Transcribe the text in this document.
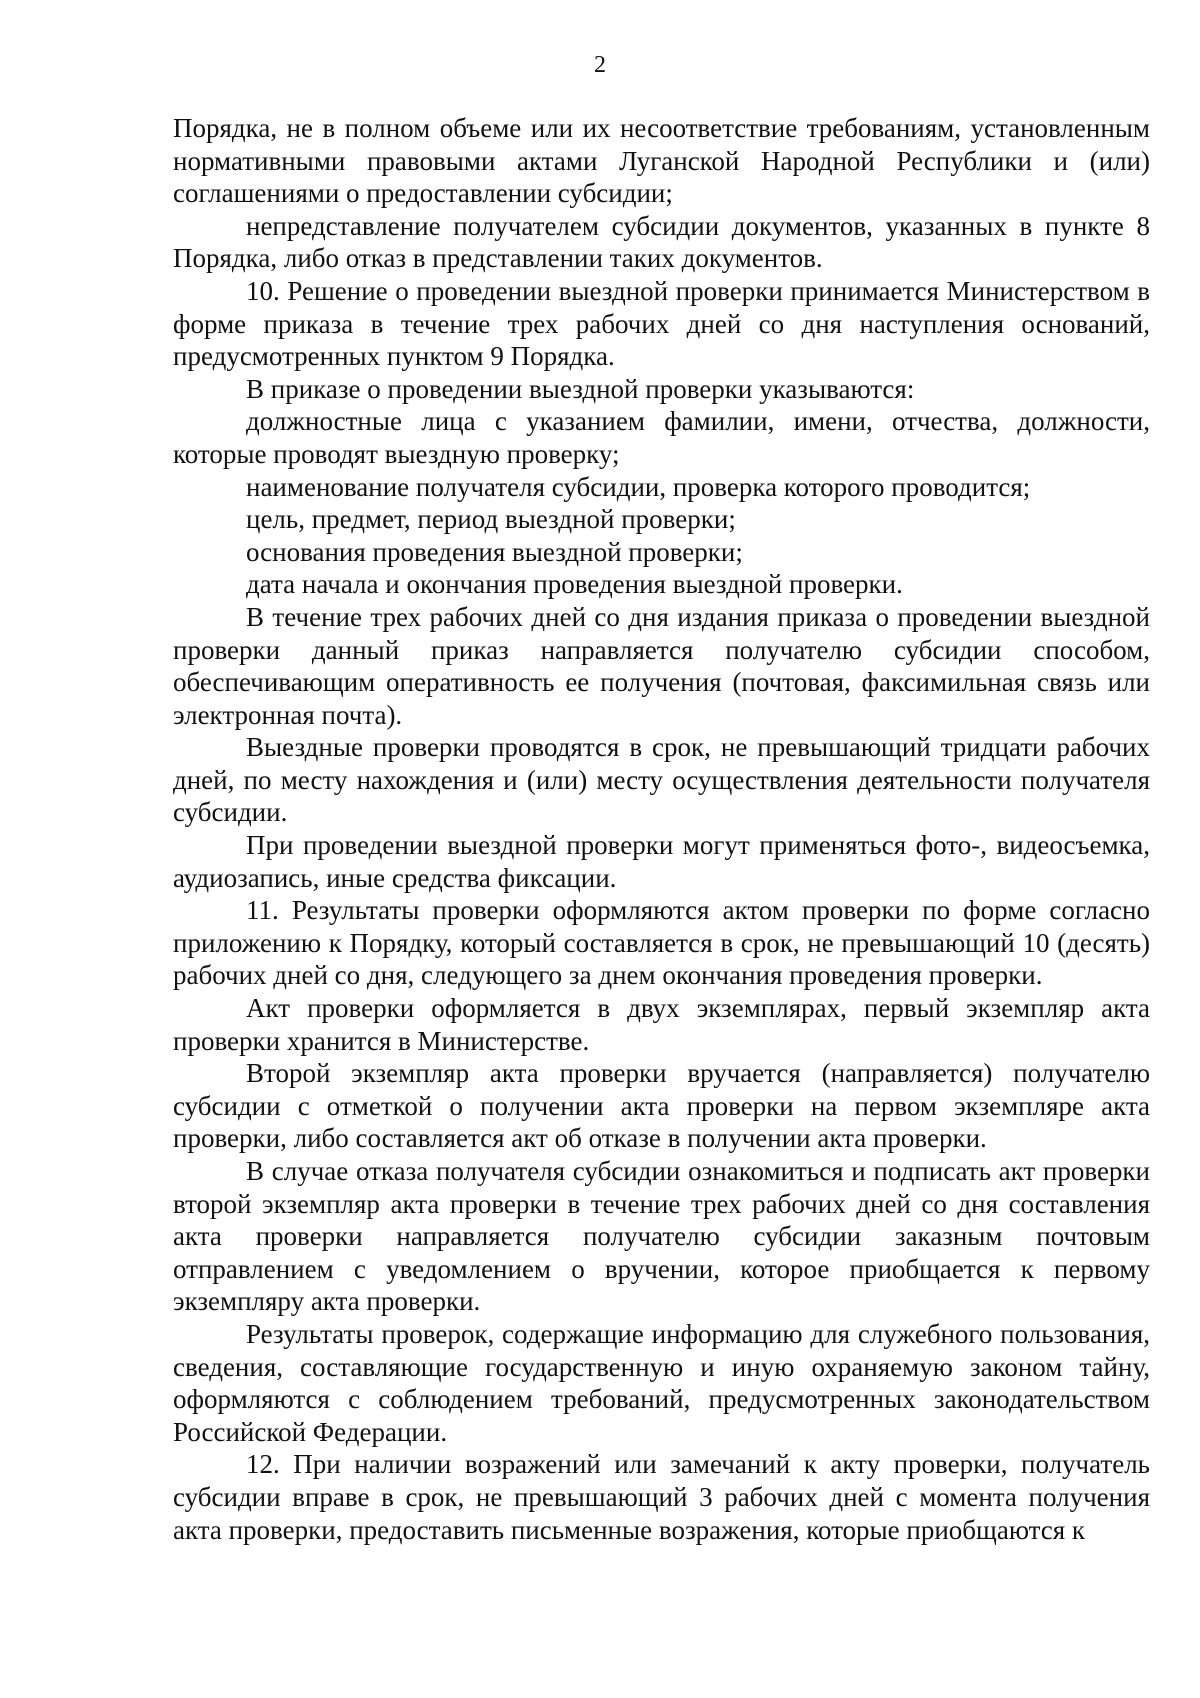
2

Порядка, не в полном объеме или их несоответствие требованиям, установленным нормативными правовыми актами Луганской Народной Республики и (или) соглашениями о предоставлении субсидии;

непредставление получателем субсидии документов, указанных в пункте 8 Порядка, либо отказ в представлении таких документов.

10. Решение о проведении выездной проверки принимается Министерством в форме приказа в течение трех рабочих дней со дня наступления оснований, предусмотренных пунктом 9 Порядка.

В приказе о проведении выездной проверки указываются:

должностные лица с указанием фамилии, имени, отчества, должности, которые проводят выездную проверку;

наименование получателя субсидии, проверка которого проводится;

цель, предмет, период выездной проверки;

основания проведения выездной проверки;

дата начала и окончания проведения выездной проверки.

В течение трех рабочих дней со дня издания приказа о проведении выездной проверки данный приказ направляется получателю субсидии способом, обеспечивающим оперативность ее получения (почтовая, факсимильная связь или электронная почта).

Выездные проверки проводятся в срок, не превышающий тридцати рабочих дней, по месту нахождения и (или) месту осуществления деятельности получателя субсидии.

При проведении выездной проверки могут применяться фото-, видеосъемка, аудиозапись, иные средства фиксации.

11. Результаты проверки оформляются актом проверки по форме согласно приложению к Порядку, который составляется в срок, не превышающий 10 (десять) рабочих дней со дня, следующего за днем окончания проведения проверки.

Акт проверки оформляется в двух экземплярах, первый экземпляр акта проверки хранится в Министерстве.

Второй экземпляр акта проверки вручается (направляется) получателю субсидии с отметкой о получении акта проверки на первом экземпляре акта проверки, либо составляется акт об отказе в получении акта проверки.

В случае отказа получателя субсидии ознакомиться и подписать акт проверки второй экземпляр акта проверки в течение трех рабочих дней со дня составления акта проверки направляется получателю субсидии заказным почтовым отправлением с уведомлением о вручении, которое приобщается к первому экземпляру акта проверки.

Результаты проверок, содержащие информацию для служебного пользования, сведения, составляющие государственную и иную охраняемую законом тайну, оформляются с соблюдением требований, предусмотренных законодательством Российской Федерации.

12. При наличии возражений или замечаний к акту проверки, получатель субсидии вправе в срок, не превышающий 3 рабочих дней с момента получения акта проверки, предоставить письменные возражения, которые приобщаются к
